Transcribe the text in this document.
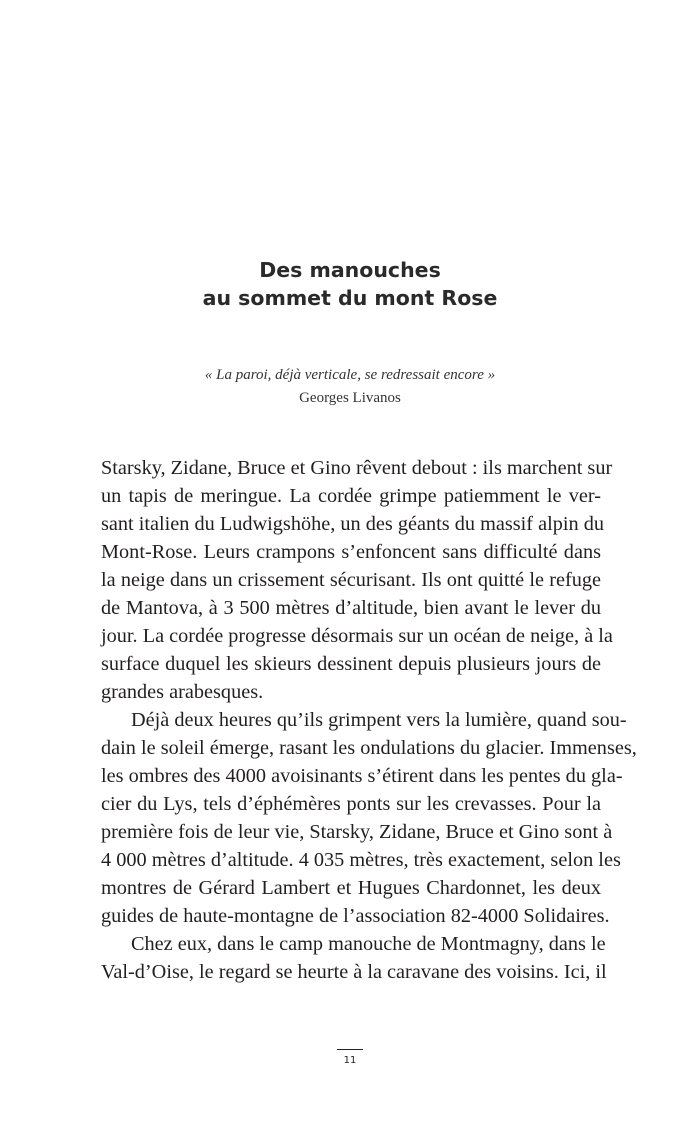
Des manouches
au sommet du mont Rose
« La paroi, déjà verticale, se redressait encore »
Georges Livanos
Starsky, Zidane, Bruce et Gino rêvent debout : ils marchent sur
un tapis de meringue. La cordée grimpe patiemment le ver-
sant italien du Ludwigshöhe, un des géants du massif alpin du
Mont-Rose. Leurs crampons s’enfoncent sans difficulté dans
la neige dans un crissement sécurisant. Ils ont quitté le refuge
de Mantova, à 3 500 mètres d’altitude, bien avant le lever du
jour. La cordée progresse désormais sur un océan de neige, à la
surface duquel les skieurs dessinent depuis plusieurs jours de
grandes arabesques.
Déjà deux heures qu’ils grimpent vers la lumière, quand sou-
dain le soleil émerge, rasant les ondulations du glacier. Immenses,
les ombres des 4000 avoisinants s’étirent dans les pentes du gla-
cier du Lys, tels d’éphémères ponts sur les crevasses. Pour la
première fois de leur vie, Starsky, Zidane, Bruce et Gino sont à
4 000 mètres d’altitude. 4 035 mètres, très exactement, selon les
montres de Gérard Lambert et Hugues Chardonnet, les deux
guides de haute-montagne de l’association 82-4000 Solidaires.
Chez eux, dans le camp manouche de Montmagny, dans le
Val-d’Oise, le regard se heurte à la caravane des voisins. Ici, il
11
